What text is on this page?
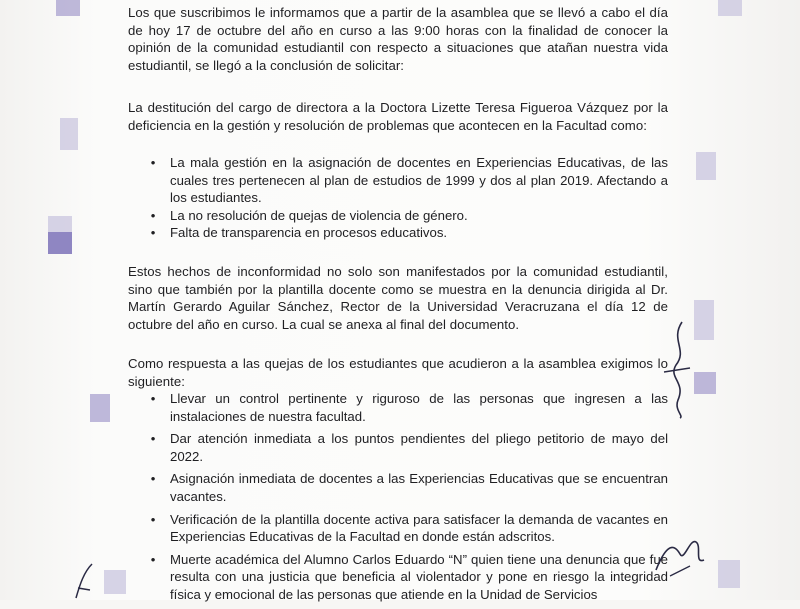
Los que suscribimos le informamos que a partir de la asamblea que se llevó a cabo el día de hoy 17 de octubre del año en curso a las 9:00 horas con la finalidad de conocer la opinión de la comunidad estudiantil con respecto a situaciones que atañan nuestra vida estudiantil, se llegó a la conclusión de solicitar:

La destitución del cargo de directora a la Doctora Lizette Teresa Figueroa Vázquez por la deficiencia en la gestión y resolución de problemas que acontecen en la Facultad como:

•	La mala gestión en la asignación de docentes en Experiencias Educativas, de las cuales tres pertenecen al plan de estudios de 1999 y dos al plan 2019. Afectando a los estudiantes.
•	La no resolución de quejas de violencia de género.
•	Falta de transparencia en procesos educativos.

Estos hechos de inconformidad no solo son manifestados por la comunidad estudiantil, sino que también por la plantilla docente como se muestra en la denuncia dirigida al Dr. Martín Gerardo Aguilar Sánchez, Rector de la Universidad Veracruzana el día 12 de octubre del año en curso. La cual se anexa al final del documento.

Como respuesta a las quejas de los estudiantes que acudieron a la asamblea exigimos lo siguiente:

•	Llevar un control pertinente y riguroso de las personas que ingresen a las instalaciones de nuestra facultad.
•	Dar atención inmediata a los puntos pendientes del pliego petitorio de mayo del 2022.
•	Asignación inmediata de docentes a las Experiencias Educativas que se encuentran vacantes.
•	Verificación de la plantilla docente activa para satisfacer la demanda de vacantes en Experiencias Educativas de la Facultad en donde están adscritos.
•	Muerte académica del Alumno Carlos Eduardo “N” quien tiene una denuncia que fue resulta con una justicia que beneficia al violentador y pone en riesgo la integridad física y emocional de las personas que atiende en la Unidad de Servicios
